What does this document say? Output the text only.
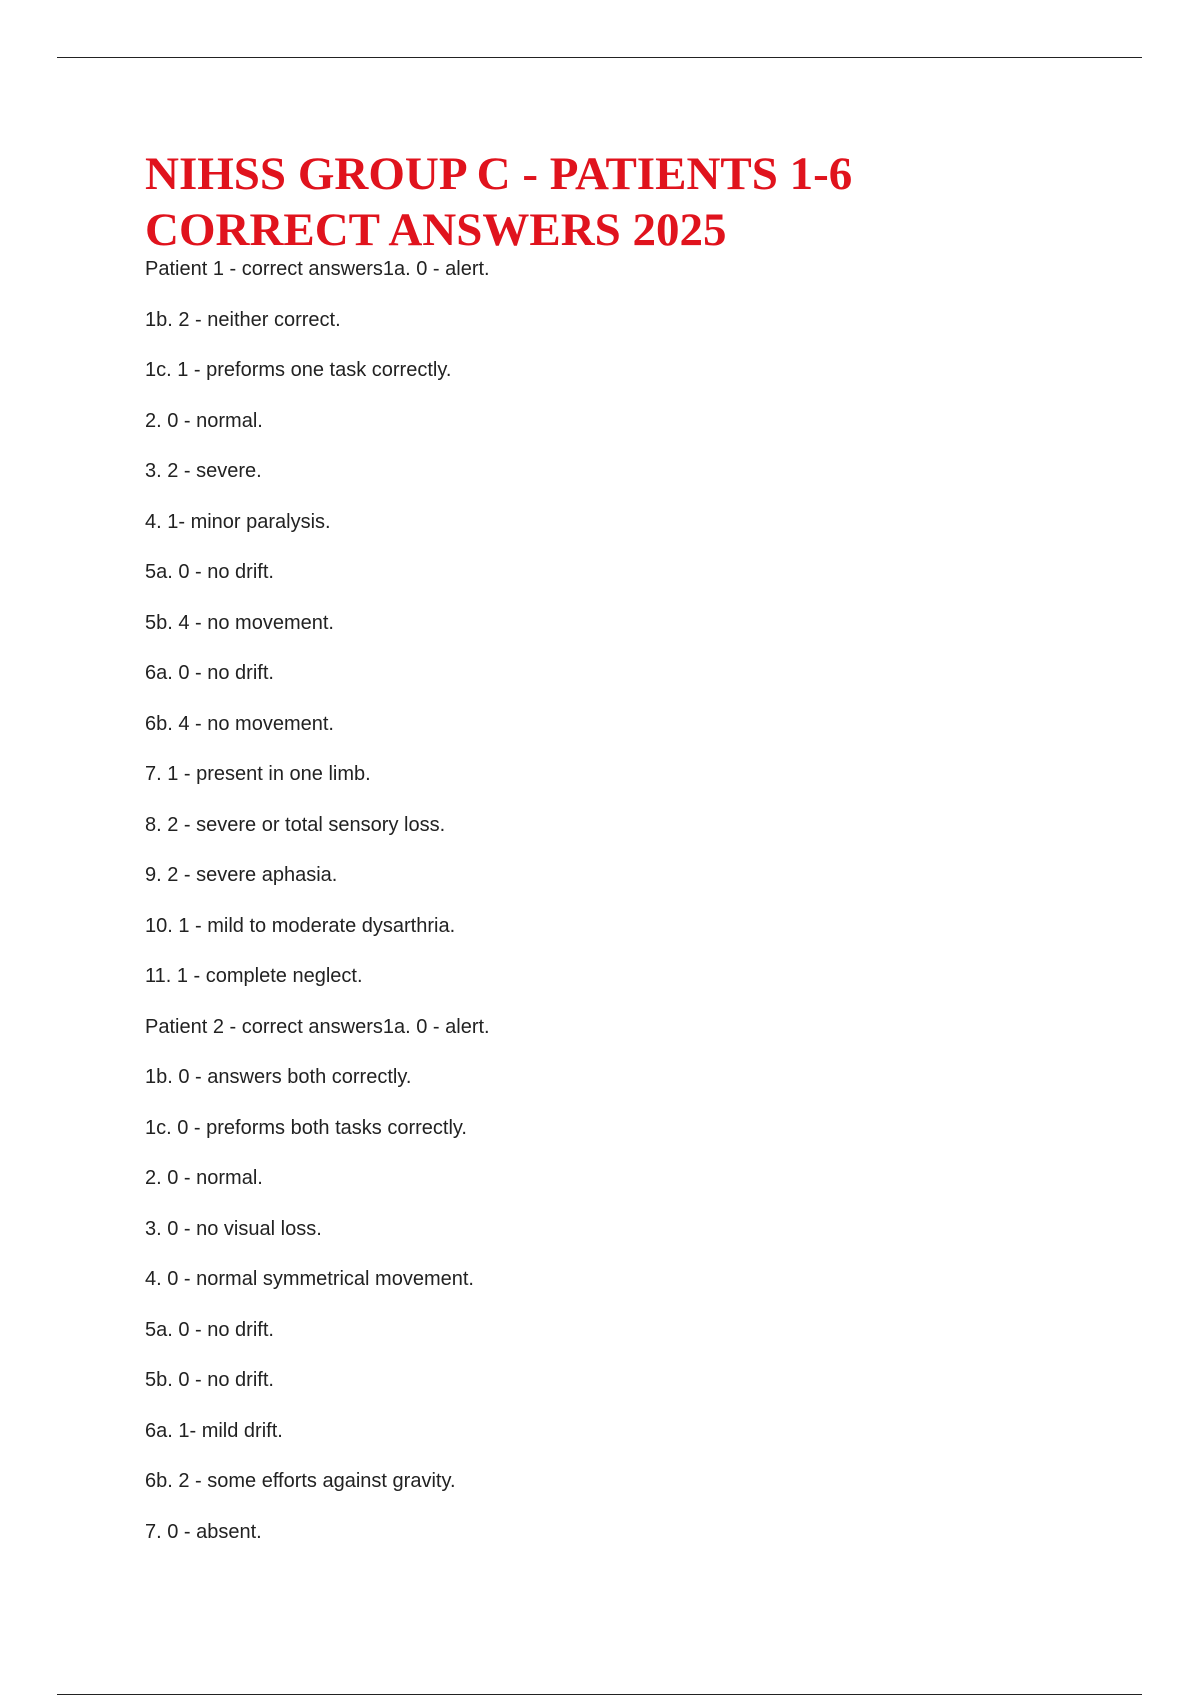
NIHSS GROUP C - PATIENTS 1-6
CORRECT ANSWERS 2025
Patient 1 - correct answers1a. 0 - alert.
1b. 2 - neither correct.
1c. 1 - preforms one task correctly.
2. 0 - normal.
3. 2 - severe.
4. 1- minor paralysis.
5a. 0 - no drift.
5b. 4 - no movement.
6a. 0 - no drift.
6b. 4 - no movement.
7. 1 - present in one limb.
8. 2 - severe or total sensory loss.
9. 2 - severe aphasia.
10. 1 - mild to moderate dysarthria.
11. 1 - complete neglect.
Patient 2 - correct answers1a. 0 - alert.
1b. 0 - answers both correctly.
1c. 0 - preforms both tasks correctly.
2. 0 - normal.
3. 0 - no visual loss.
4. 0 - normal symmetrical movement.
5a. 0 - no drift.
5b. 0 - no drift.
6a. 1- mild drift.
6b. 2 - some efforts against gravity.
7. 0 - absent.
